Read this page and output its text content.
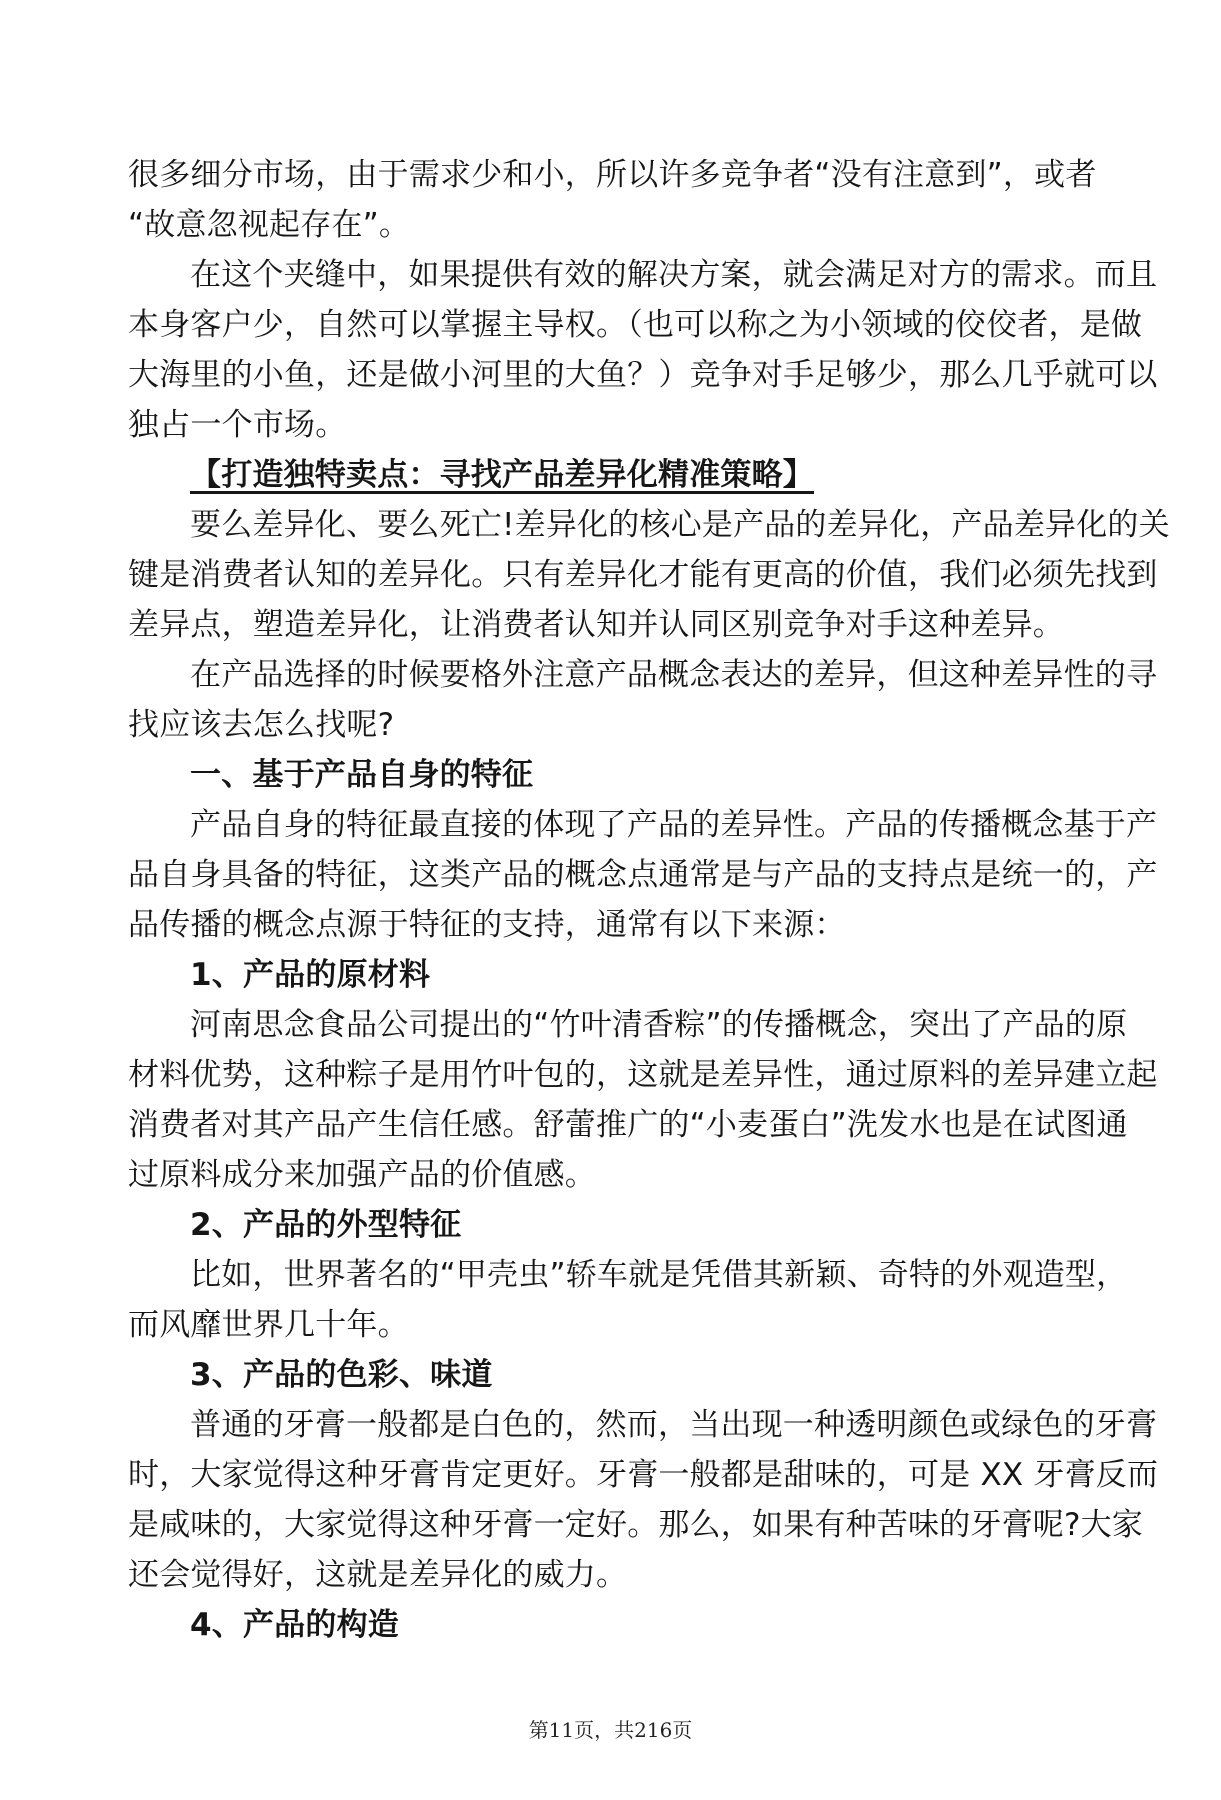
很多细分市场，由于需求少和小，所以许多竞争者“没有注意到”，或者
“故意忽视起存在”。
在这个夹缝中，如果提供有效的解决方案，就会满足对方的需求。而且
本身客户少，自然可以掌握主导权。（也可以称之为小领域的佼佼者，是做
大海里的小鱼，还是做小河里的大鱼？）竞争对手足够少，那么几乎就可以
独占一个市场。
【打造独特卖点：寻找产品差异化精准策略】
要么差异化、要么死亡!差异化的核心是产品的差异化，产品差异化的关
键是消费者认知的差异化。只有差异化才能有更高的价值，我们必须先找到
差异点，塑造差异化，让消费者认知并认同区别竞争对手这种差异。
在产品选择的时候要格外注意产品概念表达的差异，但这种差异性的寻
找应该去怎么找呢?
一、基于产品自身的特征
产品自身的特征最直接的体现了产品的差异性。产品的传播概念基于产
品自身具备的特征，这类产品的概念点通常是与产品的支持点是统一的，产
品传播的概念点源于特征的支持，通常有以下来源：
1、产品的原材料
河南思念食品公司提出的“竹叶清香粽”的传播概念，突出了产品的原
材料优势，这种粽子是用竹叶包的，这就是差异性，通过原料的差异建立起
消费者对其产品产生信任感。舒蕾推广的“小麦蛋白”洗发水也是在试图通
过原料成分来加强产品的价值感。
2、产品的外型特征
比如，世界著名的“甲壳虫”轿车就是凭借其新颖、奇特的外观造型，
而风靡世界几十年。
3、产品的色彩、味道
普通的牙膏一般都是白色的，然而，当出现一种透明颜色或绿色的牙膏
时，大家觉得这种牙膏肯定更好。牙膏一般都是甜味的，可是 XX 牙膏反而
是咸味的，大家觉得这种牙膏一定好。那么，如果有种苦味的牙膏呢?大家
还会觉得好，这就是差异化的威力。
4、产品的构造
第11页，共216页
